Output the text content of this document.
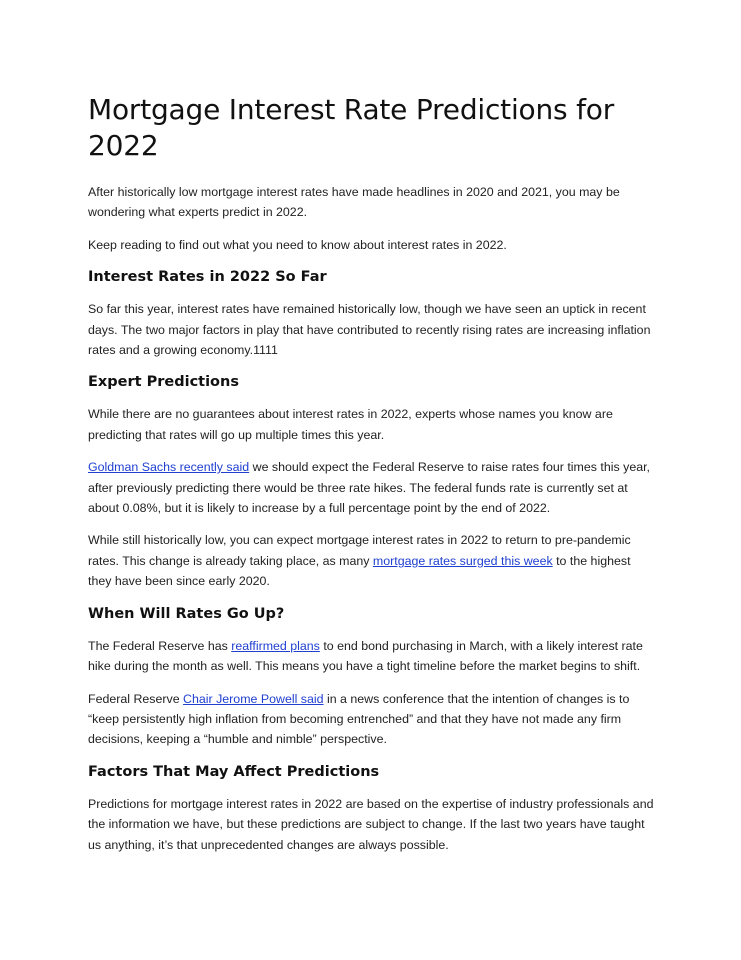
Mortgage Interest Rate Predictions for 2022

After historically low mortgage interest rates have made headlines in 2020 and 2021, you may be wondering what experts predict in 2022.

Keep reading to find out what you need to know about interest rates in 2022.

Interest Rates in 2022 So Far

So far this year, interest rates have remained historically low, though we have seen an uptick in recent days. The two major factors in play that have contributed to recently rising rates are increasing inflation rates and a growing economy.1111

Expert Predictions

While there are no guarantees about interest rates in 2022, experts whose names you know are predicting that rates will go up multiple times this year.

Goldman Sachs recently said we should expect the Federal Reserve to raise rates four times this year, after previously predicting there would be three rate hikes. The federal funds rate is currently set at about 0.08%, but it is likely to increase by a full percentage point by the end of 2022.

While still historically low, you can expect mortgage interest rates in 2022 to return to pre-pandemic rates. This change is already taking place, as many mortgage rates surged this week to the highest they have been since early 2020.

When Will Rates Go Up?

The Federal Reserve has reaffirmed plans to end bond purchasing in March, with a likely interest rate hike during the month as well. This means you have a tight timeline before the market begins to shift.

Federal Reserve Chair Jerome Powell said in a news conference that the intention of changes is to “keep persistently high inflation from becoming entrenched” and that they have not made any firm decisions, keeping a “humble and nimble” perspective.

Factors That May Affect Predictions

Predictions for mortgage interest rates in 2022 are based on the expertise of industry professionals and the information we have, but these predictions are subject to change. If the last two years have taught us anything, it’s that unprecedented changes are always possible.
